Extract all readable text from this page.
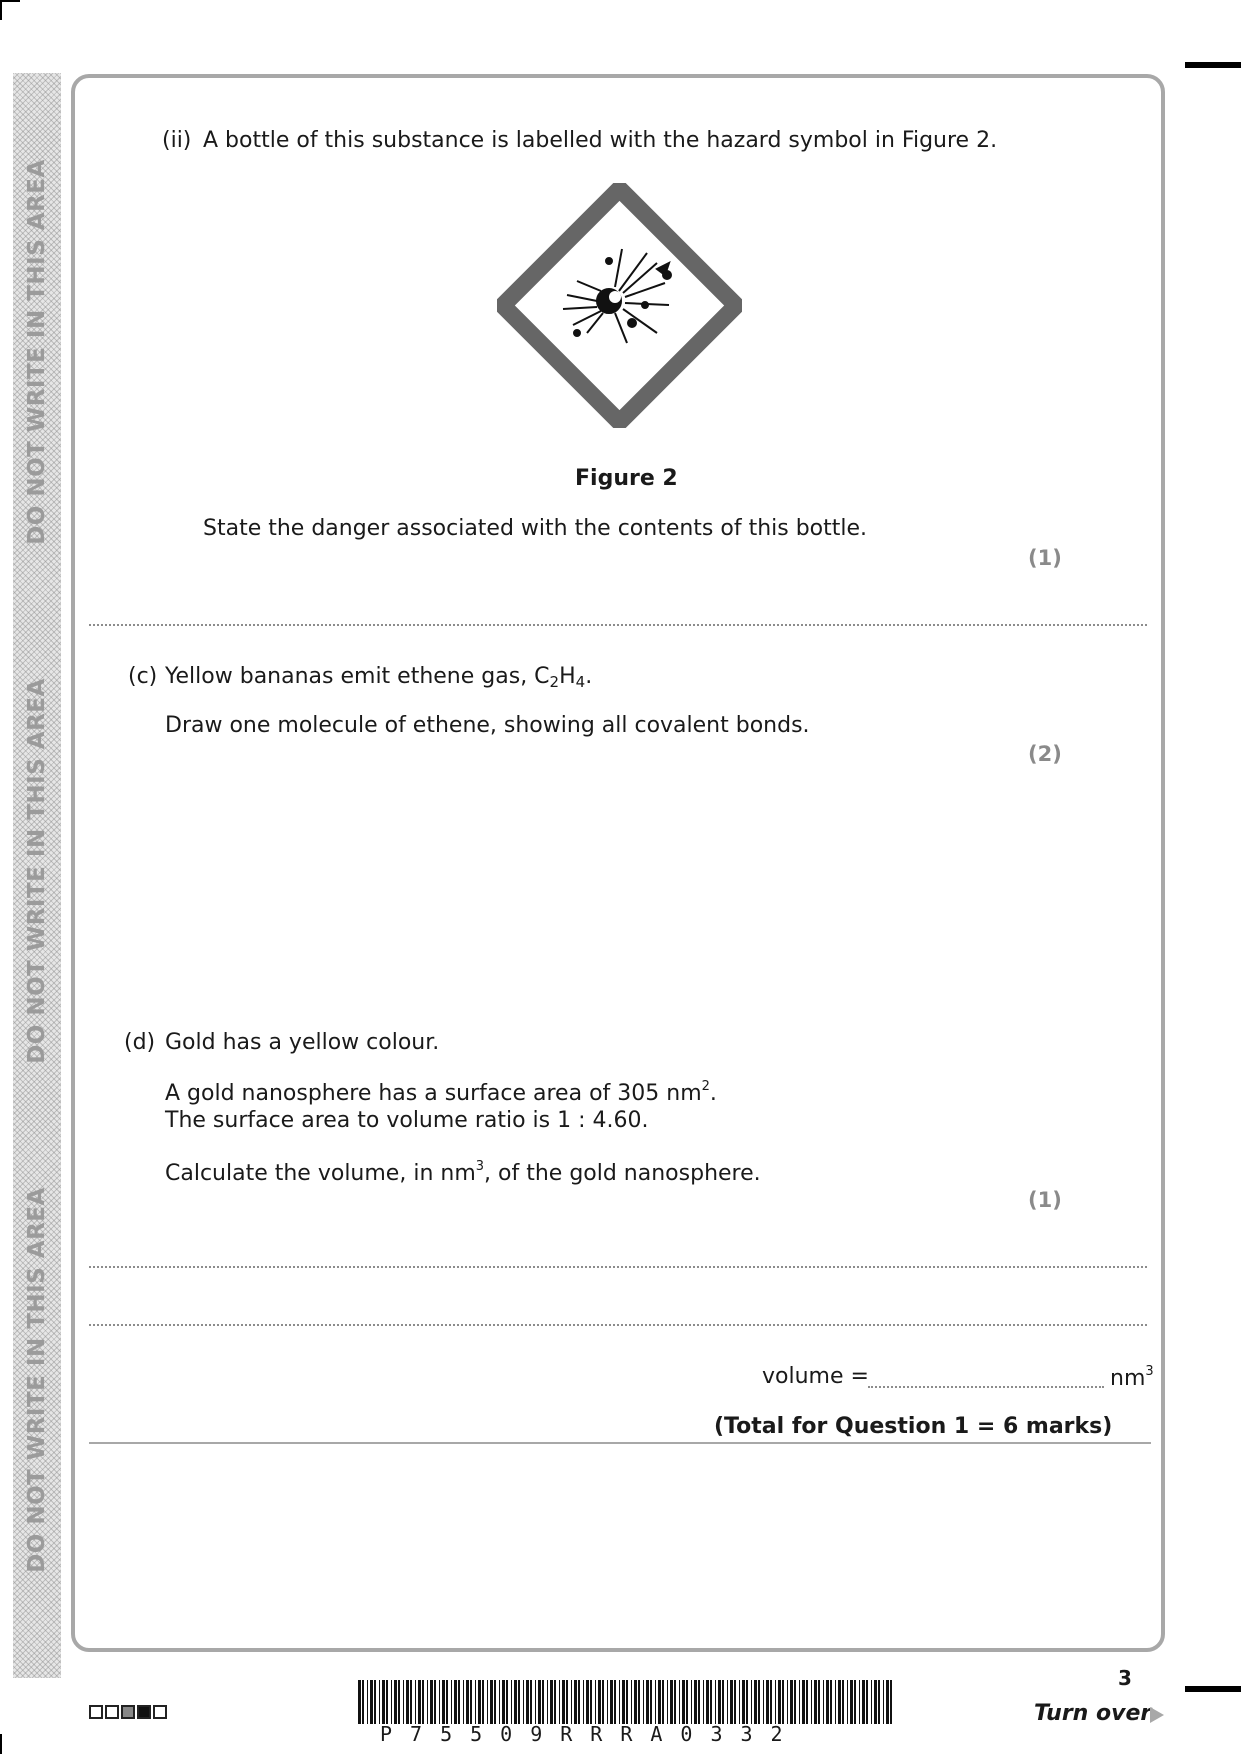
DO NOT WRITE IN THIS AREA
DO NOT WRITE IN THIS AREA
DO NOT WRITE IN THIS AREA
(ii) A bottle of this substance is labelled with the hazard symbol in Figure 2.
Figure 2
State the danger associated with the contents of this bottle.
(1)
(c) Yellow bananas emit ethene gas, $C_2H_4$.
Draw one molecule of ethene, showing all covalent bonds.
(2)
(d) Gold has a yellow colour.
A gold nanosphere has a surface area of 305 $nm^2$.
The surface area to volume ratio is 1 : 4.60.
Calculate the volume, in $nm^3$, of the gold nanosphere.
(1)
volume =	$nm^3$
(Total for Question 1 = 6 marks)
P75509RRRA0332
3
Turn over
